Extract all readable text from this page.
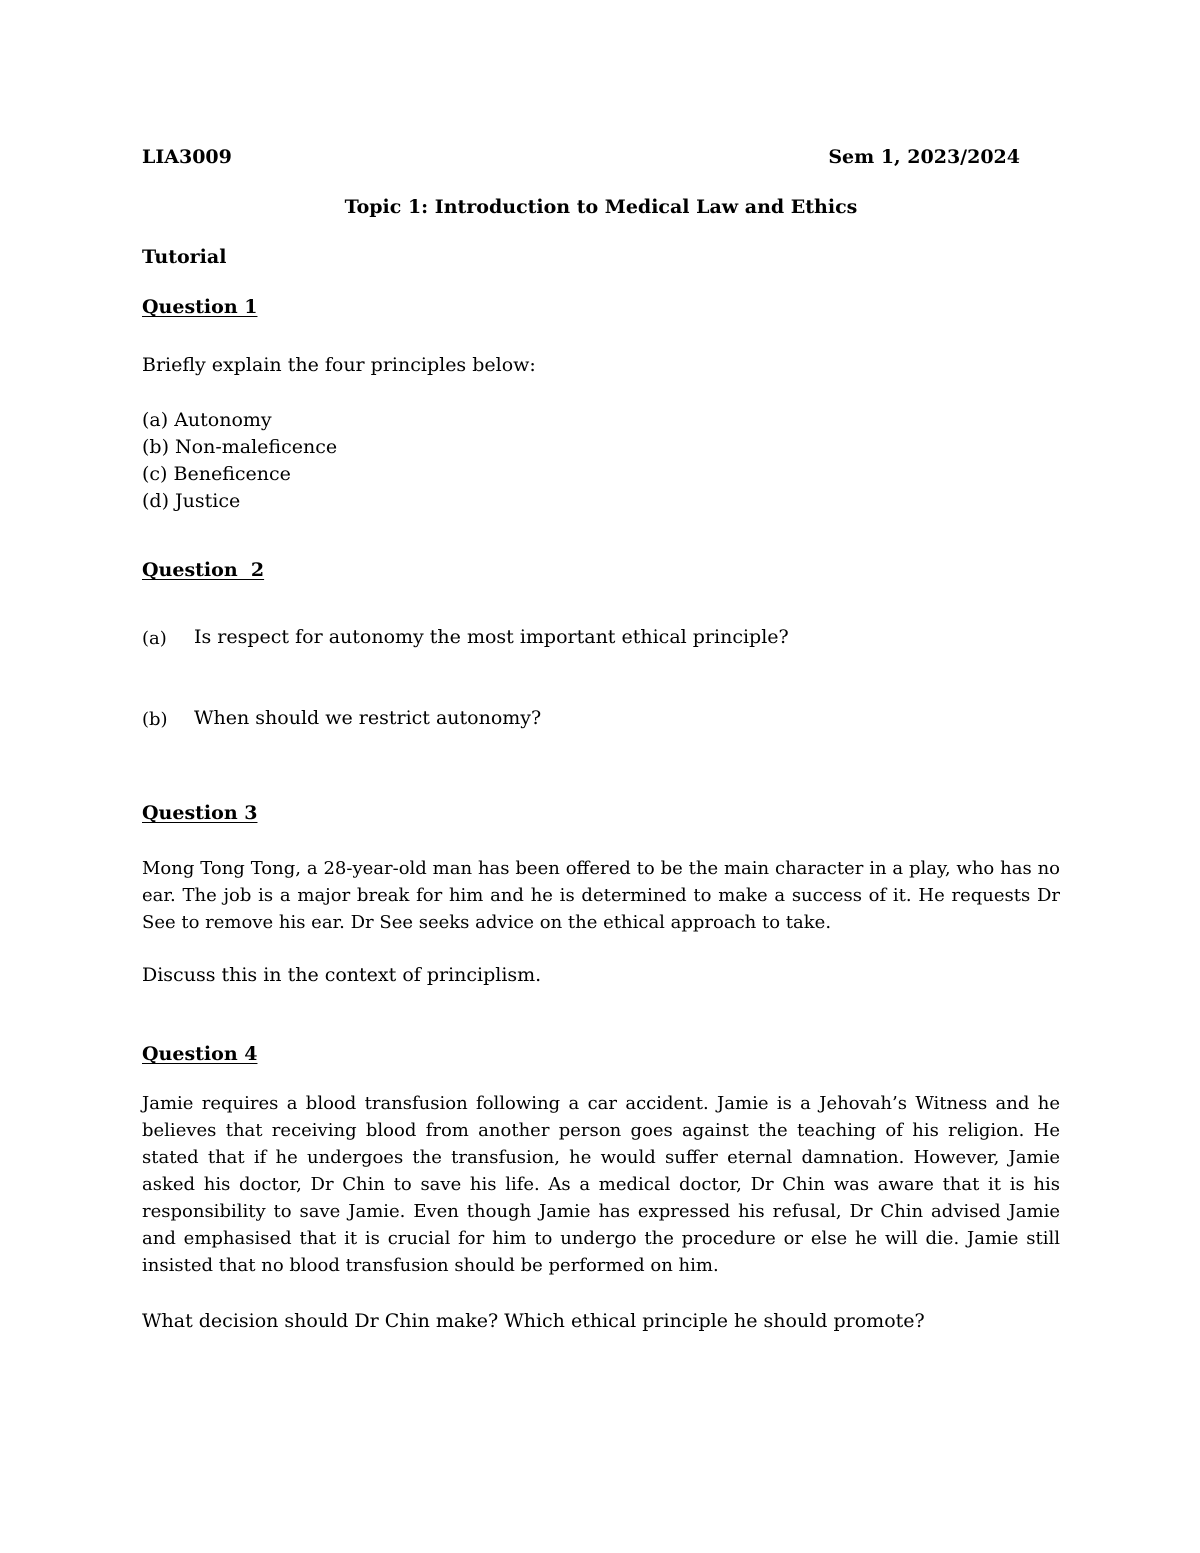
LIA3009	Sem 1, 2023/2024

Topic 1: Introduction to Medical Law and Ethics

Tutorial

Question 1

Briefly explain the four principles below:

(a) Autonomy
(b) Non-maleficence
(c) Beneficence
(d) Justice

Question  2

(a) Is respect for autonomy the most important ethical principle?

(b) When should we restrict autonomy?

Question 3

Mong Tong Tong, a 28-year-old man has been offered to be the main character in a play, who has no ear. The job is a major break for him and he is determined to make a success of it. He requests Dr See to remove his ear. Dr See seeks advice on the ethical approach to take.

Discuss this in the context of principlism.

Question 4

Jamie requires a blood transfusion following a car accident. Jamie is a Jehovah’s Witness and he believes that receiving blood from another person goes against the teaching of his religion. He stated that if he undergoes the transfusion, he would suffer eternal damnation. However, Jamie asked his doctor, Dr Chin to save his life. As a medical doctor, Dr Chin was aware that it is his responsibility to save Jamie. Even though Jamie has expressed his refusal, Dr Chin advised Jamie and emphasised that it is crucial for him to undergo the procedure or else he will die. Jamie still insisted that no blood transfusion should be performed on him.

What decision should Dr Chin make? Which ethical principle he should promote?
